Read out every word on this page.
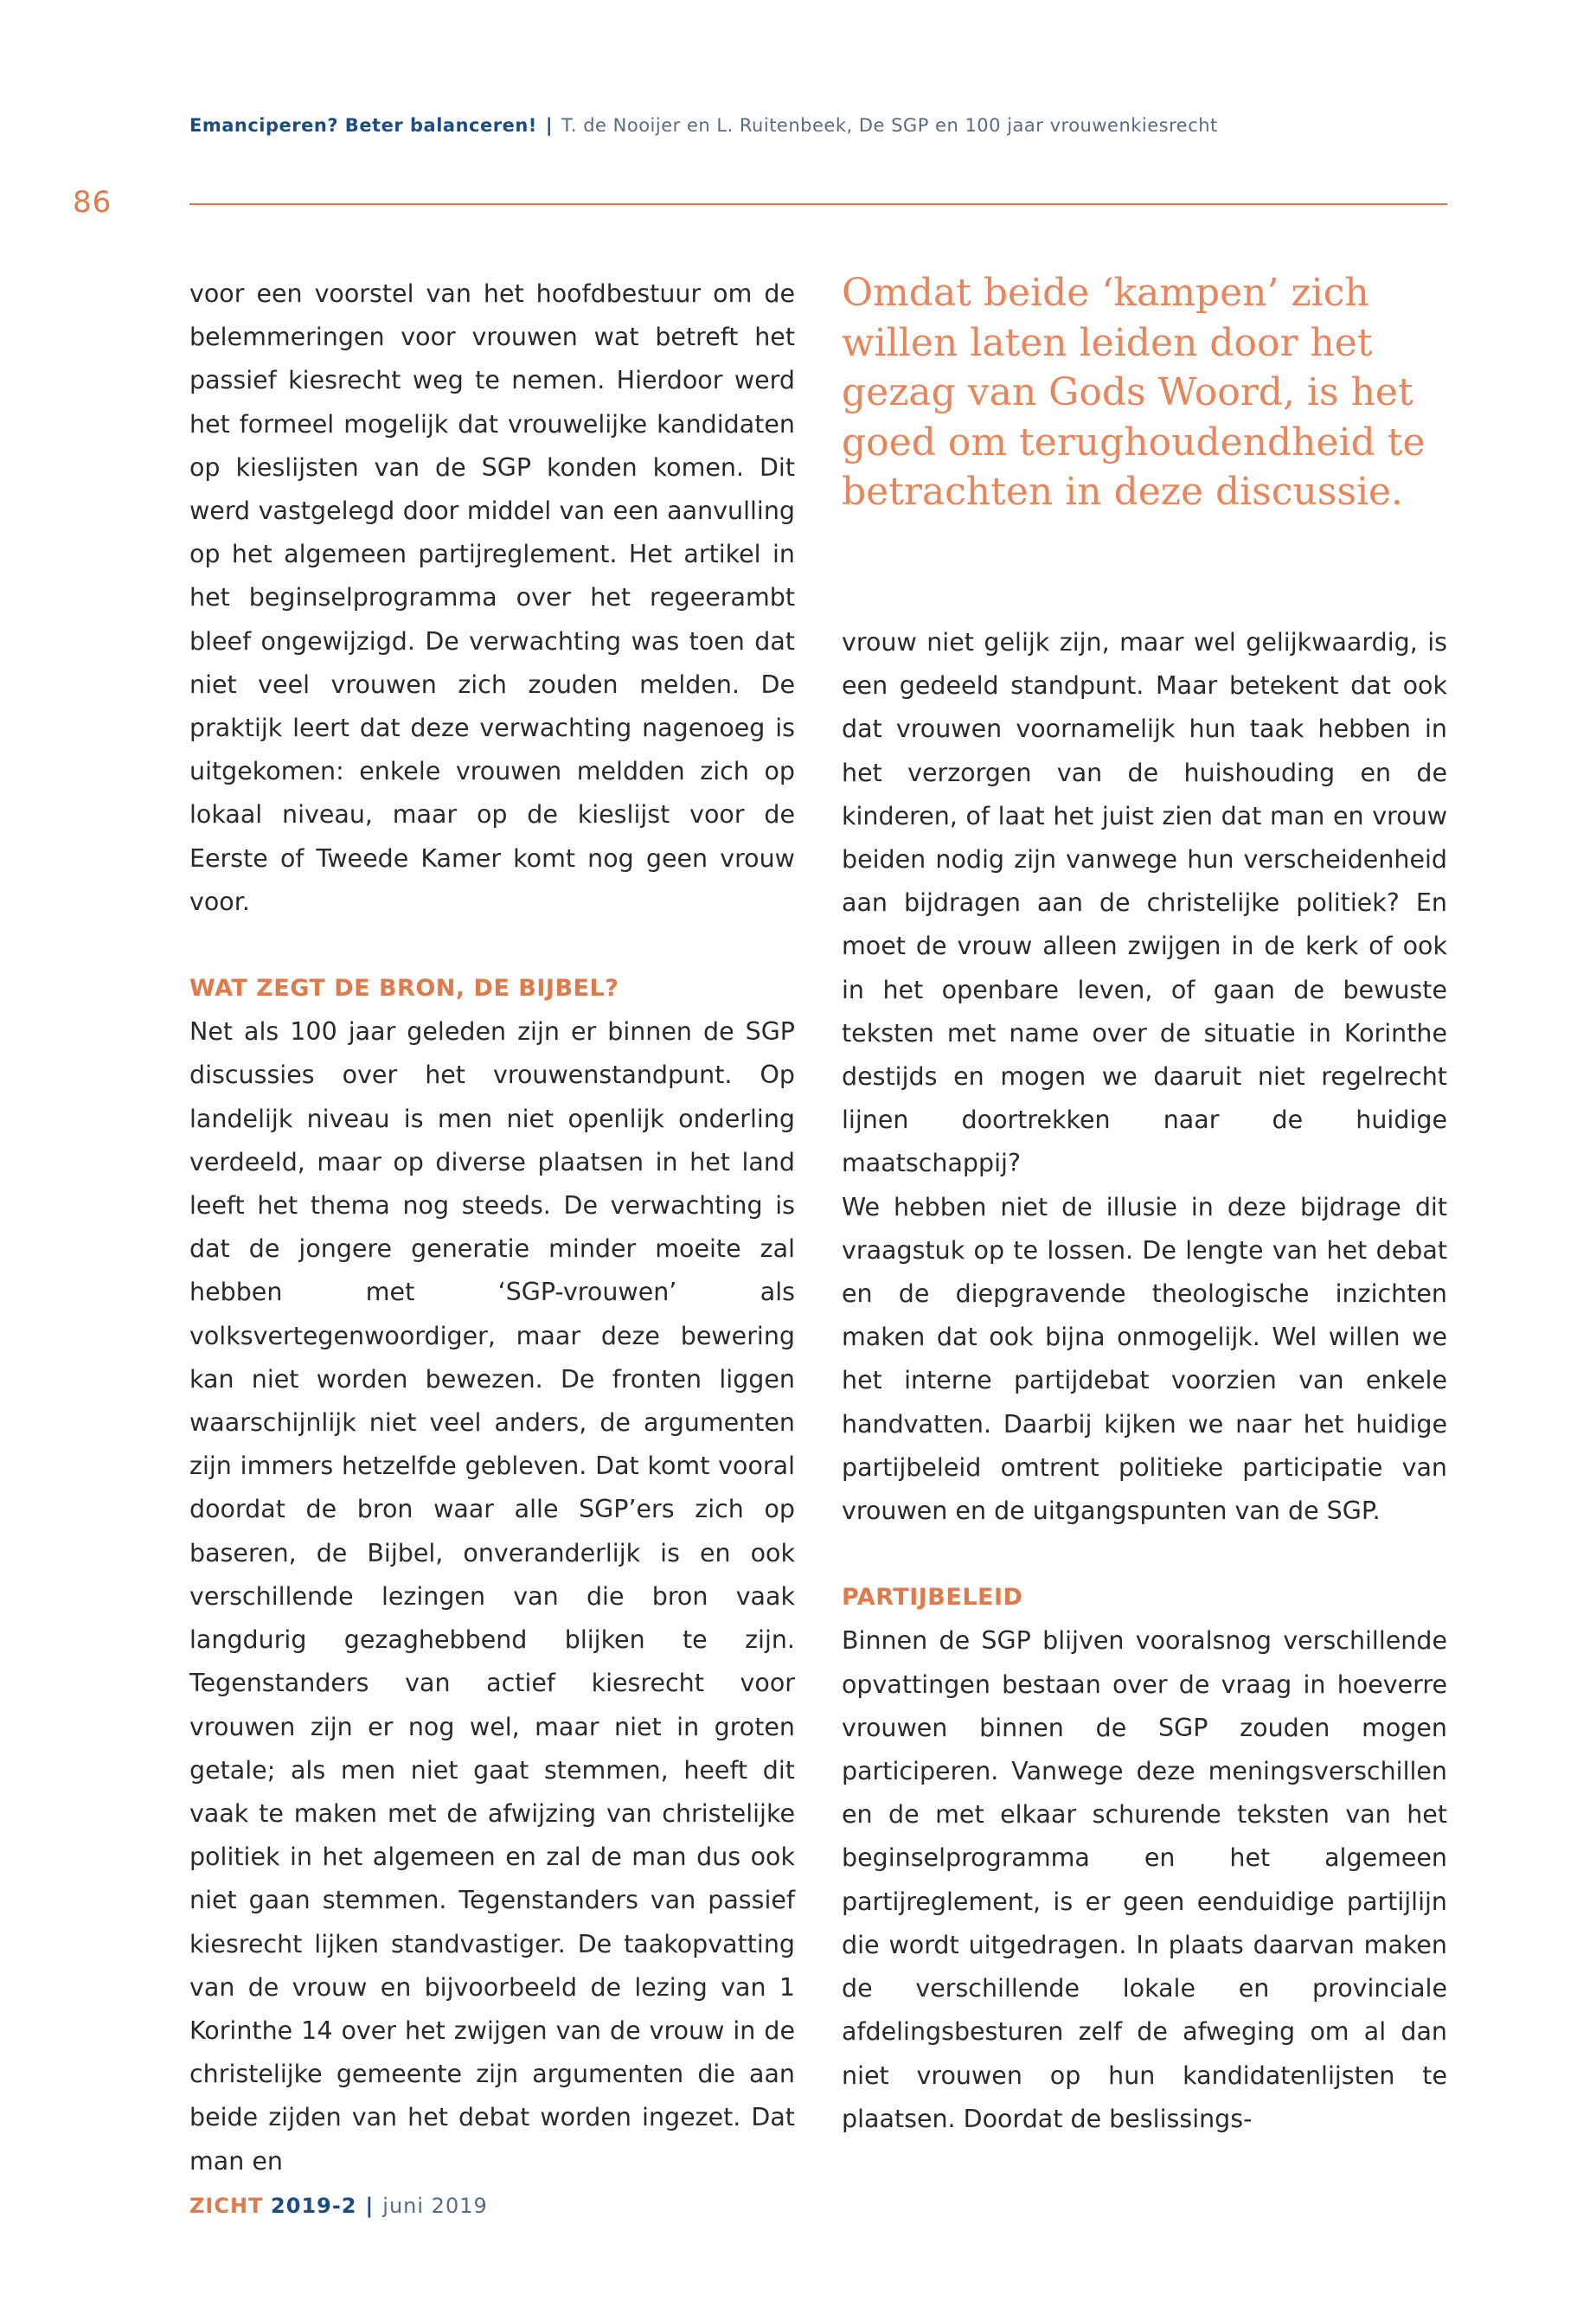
Emanciperen? Beter balanceren! | T. de Nooijer en L. Ruitenbeek, De SGP en 100 jaar vrouwenkiesrecht
86

voor een voorstel van het hoofdbestuur om de belemmeringen voor vrouwen wat betreft het passief kiesrecht weg te nemen. Hierdoor werd het formeel mogelijk dat vrouwelijke kandidaten op kieslijsten van de SGP konden komen. Dit werd vastgelegd door middel van een aanvulling op het algemeen partijreglement. Het artikel in het beginselprogramma over het regeerambt bleef ongewijzigd. De verwachting was toen dat niet veel vrouwen zich zouden melden. De praktijk leert dat deze verwachting nagenoeg is uitgekomen: enkele vrouwen meldden zich op lokaal niveau, maar op de kieslijst voor de Eerste of Tweede Kamer komt nog geen vrouw voor.

WAT ZEGT DE BRON, DE BIJBEL?

Net als 100 jaar geleden zijn er binnen de SGP discussies over het vrouwenstandpunt. Op landelijk niveau is men niet openlijk onderling verdeeld, maar op diverse plaatsen in het land leeft het thema nog steeds. De verwachting is dat de jongere generatie minder moeite zal hebben met ‘SGP-vrouwen’ als volksvertegenwoordiger, maar deze bewering kan niet worden bewezen. De fronten liggen waarschijnlijk niet veel anders, de argumenten zijn immers hetzelfde gebleven. Dat komt vooral doordat de bron waar alle SGP’ers zich op baseren, de Bijbel, onveranderlijk is en ook verschillende lezingen van die bron vaak langdurig gezaghebbend blijken te zijn. Tegenstanders van actief kiesrecht voor vrouwen zijn er nog wel, maar niet in groten getale; als men niet gaat stemmen, heeft dit vaak te maken met de afwijzing van christelijke politiek in het algemeen en zal de man dus ook niet gaan stemmen. Tegenstanders van passief kiesrecht lijken standvastiger. De taakopvatting van de vrouw en bijvoorbeeld de lezing van 1 Korinthe 14 over het zwijgen van de vrouw in de christelijke gemeente zijn argumenten die aan beide zijden van het debat worden ingezet. Dat man en

Omdat beide ‘kampen’ zich willen laten leiden door het gezag van Gods Woord, is het goed om terughoudendheid te betrachten in deze discussie.

vrouw niet gelijk zijn, maar wel gelijkwaardig, is een gedeeld standpunt. Maar betekent dat ook dat vrouwen voornamelijk hun taak hebben in het verzorgen van de huishouding en de kinderen, of laat het juist zien dat man en vrouw beiden nodig zijn vanwege hun verscheidenheid aan bijdragen aan de christelijke politiek? En moet de vrouw alleen zwijgen in de kerk of ook in het openbare leven, of gaan de bewuste teksten met name over de situatie in Korinthe destijds en mogen we daaruit niet regelrecht lijnen doortrekken naar de huidige maatschappij?

We hebben niet de illusie in deze bijdrage dit vraagstuk op te lossen. De lengte van het debat en de diepgravende theologische inzichten maken dat ook bijna onmogelijk. Wel willen we het interne partijdebat voorzien van enkele handvatten. Daarbij kijken we naar het huidige partijbeleid omtrent politieke participatie van vrouwen en de uitgangspunten van de SGP.

PARTIJBELEID

Binnen de SGP blijven vooralsnog verschillende opvattingen bestaan over de vraag in hoeverre vrouwen binnen de SGP zouden mogen participeren. Vanwege deze meningsverschillen en de met elkaar schurende teksten van het beginselprogramma en het algemeen partijreglement, is er geen eenduidige partijlijn die wordt uitgedragen. In plaats daarvan maken de verschillende lokale en provinciale afdelingsbesturen zelf de afweging om al dan niet vrouwen op hun kandidatenlijsten te plaatsen. Doordat de beslissings-

ZICHT 2019-2 | juni 2019
